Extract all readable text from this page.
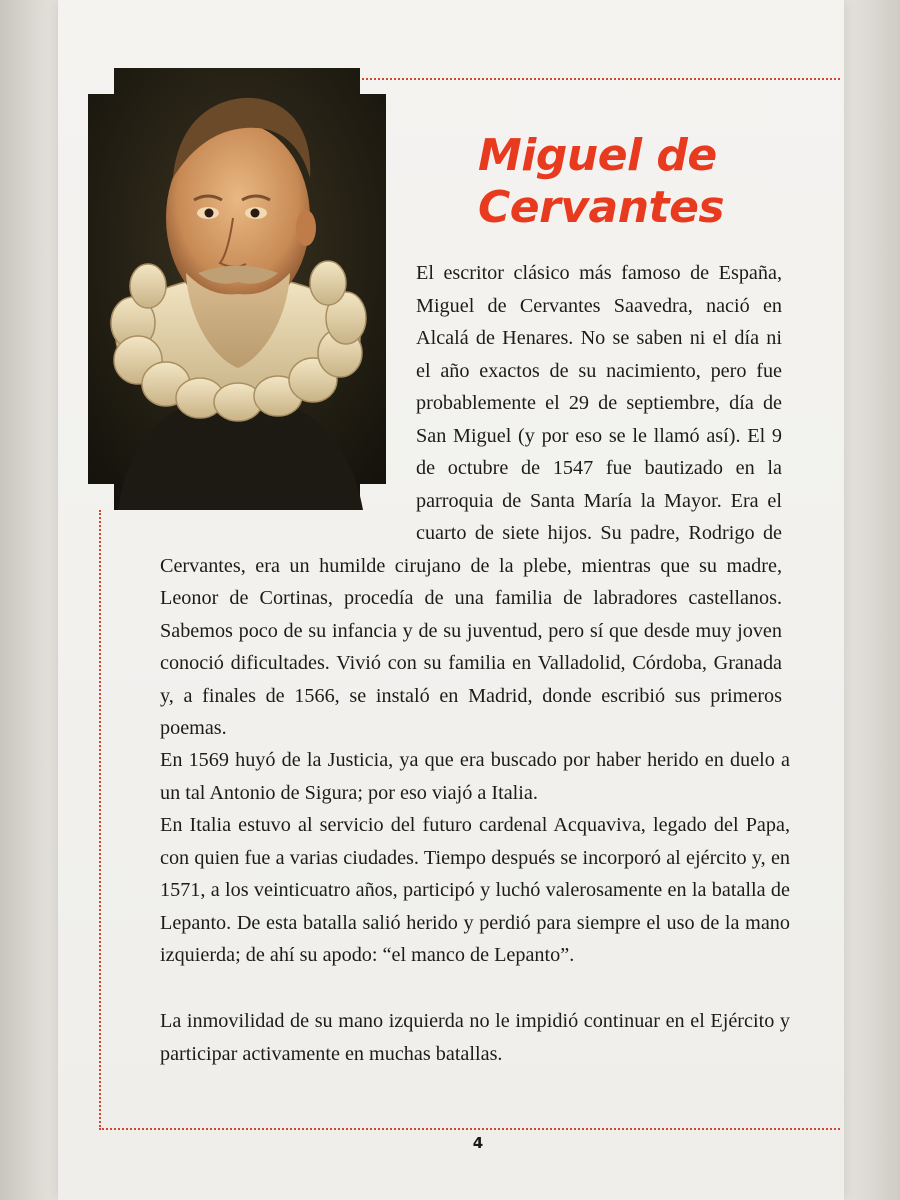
Miguel de Cervantes

El escritor clásico más famoso de España, Miguel de Cervantes Saavedra, nació en Alcalá de Henares. No se saben ni el día ni el año exactos de su nacimiento, pero fue probablemente el 29 de septiembre, día de San Miguel (y por eso se le llamó así). El 9 de octubre de 1547 fue bautizado en la parroquia de Santa María la Mayor. Era el cuarto de siete hijos. Su padre, Rodrigo de Cervantes, era un humilde cirujano de la plebe, mientras que su madre, Leonor de Cortinas, procedía de una familia de labradores castellanos. Sabemos poco de su infancia y de su juventud, pero sí que desde muy joven conoció dificultades. Vivió con su familia en Valladolid, Córdoba, Granada y, a finales de 1566, se instaló en Madrid, donde escribió sus primeros poemas.

En 1569 huyó de la Justicia, ya que era buscado por haber herido en duelo a un tal Antonio de Sigura; por eso viajó a Italia.

En Italia estuvo al servicio del futuro cardenal Acquaviva, legado del Papa, con quien fue a varias ciudades. Tiempo después se incorporó al ejército y, en 1571, a los veinticuatro años, participó y luchó valerosamente en la batalla de Lepanto. De esta batalla salió herido y perdió para siempre el uso de la mano izquierda; de ahí su apodo: “el manco de Lepanto”.

La inmovilidad de su mano izquierda no le impidió continuar en el Ejército y participar activamente en muchas batallas.

4
